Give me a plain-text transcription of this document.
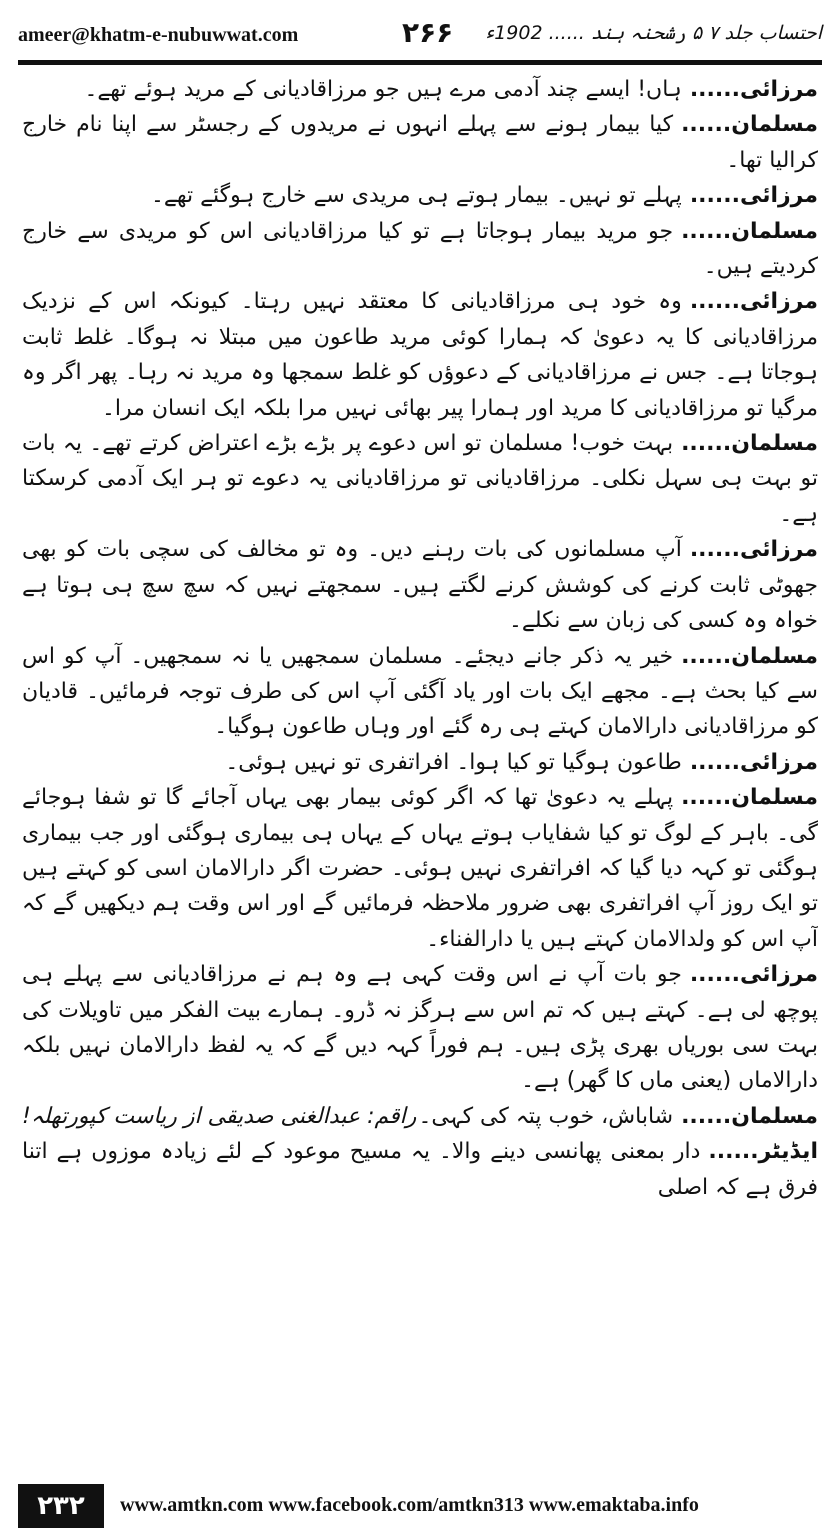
ameer@khatm-e-nubuwwat.com	۲۶۶ احتساب جلد ۷ ۵ رشحنہ ہند ...... 1902ء

مرزائی......ہاں! ایسے چند آدمی مرے ہیں جو مرزاقادیانی کے مرید ہوئے تھے۔

مسلمان......کیا بیمار ہونے سے پہلے انہوں نے مریدوں کے رجسٹر سے اپنا نام خارج کرالیا تھا۔

مرزائی......پہلے تو نہیں۔ بیمار ہوتے ہی مریدی سے خارج ہوگئے تھے۔

مسلمان......جو مرید بیمار ہوجاتا ہے تو کیا مرزاقادیانی اس کو مریدی سے خارج کردیتے ہیں۔

مرزائی......وہ خود ہی مرزاقادیانی کا معتقد نہیں رہتا۔ کیونکہ اس کے نزدیک مرزاقادیانی کا یہ دعویٰ کہ ہمارا کوئی مرید طاعون میں مبتلا نہ ہوگا۔ غلط ثابت ہوجاتا ہے۔ جس نے مرزاقادیانی کے دعوؤں کو غلط سمجھا وہ مرید نہ رہا۔ پھر اگر وہ مرگیا تو مرزاقادیانی کا مرید اور ہمارا پیر بھائی نہیں مرا بلکہ ایک انسان مرا۔

مسلمان......بہت خوب! مسلمان تو اس دعوے پر بڑے بڑے اعتراض کرتے تھے۔ یہ بات تو بہت ہی سہل نکلی۔ مرزاقادیانی تو مرزاقادیانی یہ دعوے تو ہر ایک آدمی کرسکتا ہے۔

مرزائی......آپ مسلمانوں کی بات رہنے دیں۔ وہ تو مخالف کی سچی بات کو بھی جھوٹی ثابت کرنے کی کوشش کرنے لگتے ہیں۔ سمجھتے نہیں کہ سچ سچ ہی ہوتا ہے خواہ وہ کسی کی زبان سے نکلے۔

مسلمان......خیر یہ ذکر جانے دیجئے۔ مسلمان سمجھیں یا نہ سمجھیں۔ آپ کو اس سے کیا بحث ہے۔ مجھے ایک بات اور یاد آگئی آپ اس کی طرف توجہ فرمائیں۔ قادیان کو مرزاقادیانی دارالامان کہتے ہی رہ گئے اور وہاں طاعون ہوگیا۔

مرزائی......طاعون ہوگیا تو کیا ہوا۔ افراتفری تو نہیں ہوئی۔

مسلمان......پہلے یہ دعویٰ تھا کہ اگر کوئی بیمار بھی یہاں آجائے گا تو شفا ہوجائے گی۔ باہر کے لوگ تو کیا شفایاب ہوتے یہاں کے یہاں ہی بیماری ہوگئی اور جب بیماری ہوگئی تو کہہ دیا گیا کہ افراتفری نہیں ہوئی۔ حضرت اگر دارالامان اسی کو کہتے ہیں تو ایک روز آپ افراتفری بھی ضرور ملاحظہ فرمائیں گے اور اس وقت ہم دیکھیں گے کہ آپ اس کو ولدالامان کہتے ہیں یا دارالفناء۔

مرزائی......جو بات آپ نے اس وقت کہی ہے وہ ہم نے مرزاقادیانی سے پہلے ہی پوچھ لی ہے۔ کہتے ہیں کہ تم اس سے ہرگز نہ ڈرو۔ ہمارے بیت الفکر میں تاویلات کی بہت سی بوریاں بھری پڑی ہیں۔ ہم فوراً کہہ دیں گے کہ یہ لفظ دارالامان نہیں بلکہ دارالاماں (یعنی ماں کا گھر) ہے۔

مسلمان......شاباش، خوب پتہ کی کہی۔
راقم: عبدالغنی صدیقی از ریاست کپورتھلہ!

ایڈیٹر......دار بمعنی پھانسی دینے والا۔ یہ مسیح موعود کے لئے زیادہ موزوں ہے اتنا فرق ہے کہ اصلی

۲۳۲	www.amtkn.com www.facebook.com/amtkn313 www.emaktaba.info
